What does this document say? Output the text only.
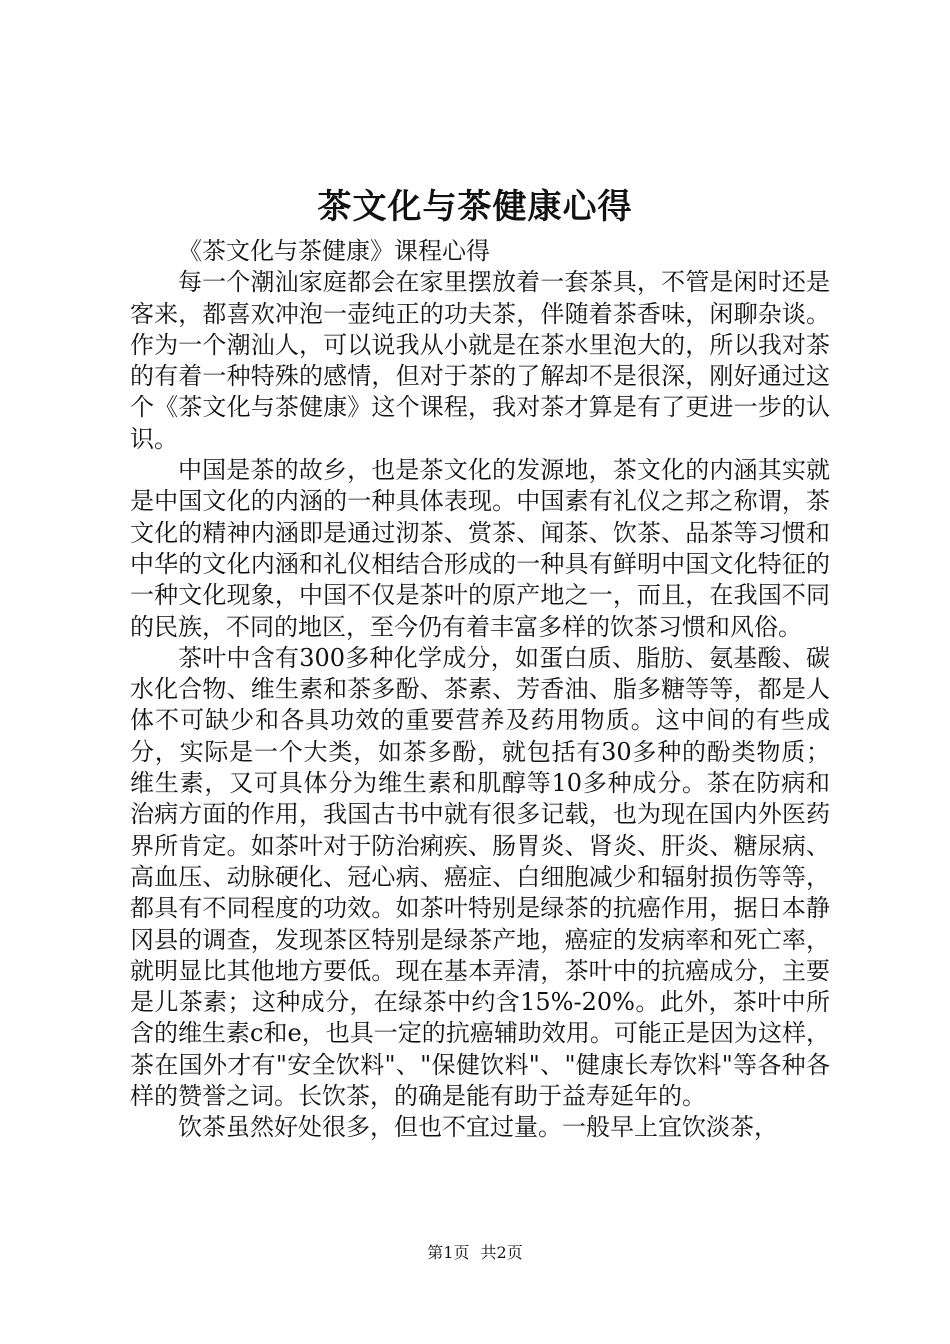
茶文化与茶健康心得

《茶文化与茶健康》课程心得

每一个潮汕家庭都会在家里摆放着一套茶具，不管是闲时还是客来，都喜欢冲泡一壶纯正的功夫茶，伴随着茶香味，闲聊杂谈。作为一个潮汕人，可以说我从小就是在茶水里泡大的，所以我对茶的有着一种特殊的感情，但对于茶的了解却不是很深，刚好通过这个《茶文化与茶健康》这个课程，我对茶才算是有了更进一步的认识。

中国是茶的故乡，也是茶文化的发源地，茶文化的内涵其实就是中国文化的内涵的一种具体表现。中国素有礼仪之邦之称谓，茶文化的精神内涵即是通过沏茶、赏茶、闻茶、饮茶、品茶等习惯和中华的文化内涵和礼仪相结合形成的一种具有鲜明中国文化特征的一种文化现象，中国不仅是茶叶的原产地之一，而且，在我国不同的民族，不同的地区，至今仍有着丰富多样的饮茶习惯和风俗。

茶叶中含有300多种化学成分，如蛋白质、脂肪、氨基酸、碳水化合物、维生素和茶多酚、茶素、芳香油、脂多糖等等，都是人体不可缺少和各具功效的重要营养及药用物质。这中间的有些成分，实际是一个大类，如茶多酚，就包括有30多种的酚类物质；维生素，又可具体分为维生素和肌醇等10多种成分。茶在防病和治病方面的作用，我国古书中就有很多记载，也为现在国内外医药界所肯定。如茶叶对于防治痢疾、肠胃炎、肾炎、肝炎、糖尿病、高血压、动脉硬化、冠心病、癌症、白细胞减少和辐射损伤等等，都具有不同程度的功效。如茶叶特别是绿茶的抗癌作用，据日本静冈县的调查，发现茶区特别是绿茶产地，癌症的发病率和死亡率，就明显比其他地方要低。现在基本弄清，茶叶中的抗癌成分，主要是儿茶素；这种成分，在绿茶中约含15%-20%。此外，茶叶中所含的维生素c和e，也具一定的抗癌辅助效用。可能正是因为这样，茶在国外才有"安全饮料"、"保健饮料"、"健康长寿饮料"等各种各样的赞誉之词。长饮茶，的确是能有助于益寿延年的。

饮茶虽然好处很多，但也不宜过量。一般早上宜饮淡茶，

第1页 共2页
